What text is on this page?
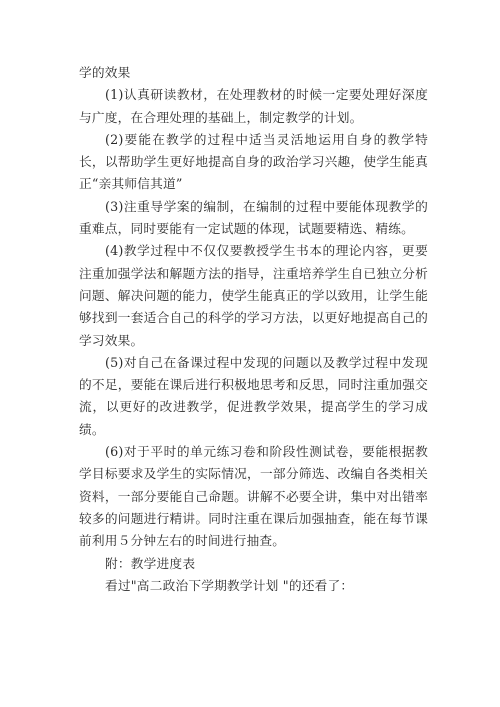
学的效果

(1)认真研读教材，在处理教材的时候一定要处理好深度与广度，在合理处理的基础上，制定教学的计划。

(2)要能在教学的过程中适当灵活地运用自身的教学特长，以帮助学生更好地提高自身的政治学习兴趣，使学生能真正“亲其师信其道”

(3)注重导学案的编制，在编制的过程中要能体现教学的重难点，同时要能有一定试题的体现，试题要精选、精练。

(4)教学过程中不仅仅要教授学生书本的理论内容，更要注重加强学法和解题方法的指导，注重培养学生自已独立分析问题、解决问题的能力，使学生能真正的学以致用，让学生能够找到一套适合自己的科学的学习方法，以更好地提高自己的学习效果。

(5)对自己在备课过程中发现的问题以及教学过程中发现的不足，要能在课后进行积极地思考和反思，同时注重加强交流，以更好的改进教学，促进教学效果，提高学生的学习成绩。

(6)对于平时的单元练习卷和阶段性测试卷，要能根据教学目标要求及学生的实际情况，一部分筛选、改编自各类相关资料，一部分要能自己命题。讲解不必要全讲，集中对出错率较多的问题进行精讲。同时注重在课后加强抽查，能在每节课前利用５分钟左右的时间进行抽查。

附：教学进度表

看过"高二政治下学期教学计划 "的还看了：
